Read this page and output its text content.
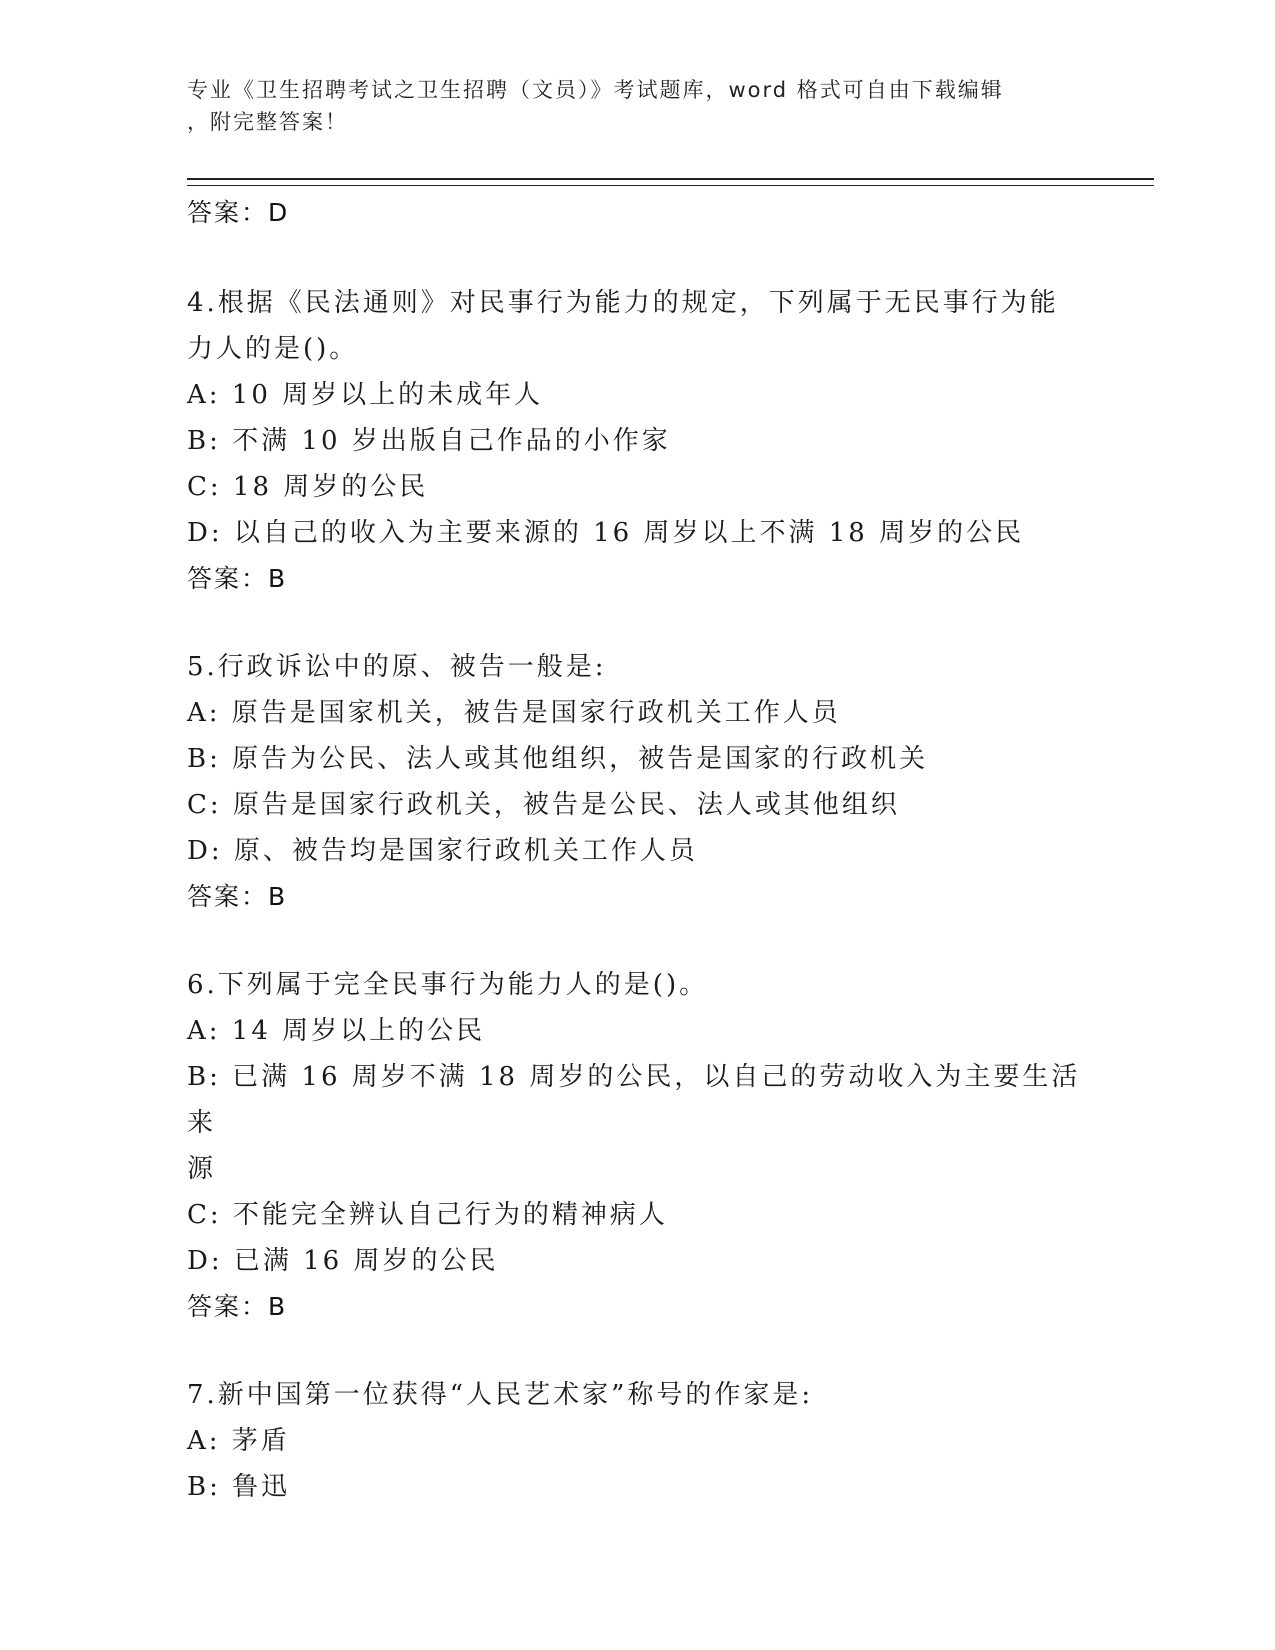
专业《卫生招聘考试之卫生招聘（文员）》考试题库，word 格式可自由下载编辑
，附完整答案！

答案：D

4.根据《民法通则》对民事行为能力的规定，下列属于无民事行为能

力人的是()。

A: 10 周岁以上的未成年人

B: 不满 10 岁出版自己作品的小作家

C: 18 周岁的公民

D: 以自己的收入为主要来源的 16 周岁以上不满 18 周岁的公民

答案：B

5.行政诉讼中的原、被告一般是:

A: 原告是国家机关，被告是国家行政机关工作人员

B: 原告为公民、法人或其他组织，被告是国家的行政机关

C: 原告是国家行政机关，被告是公民、法人或其他组织

D: 原、被告均是国家行政机关工作人员

答案：B

6.下列属于完全民事行为能力人的是()。

A: 14 周岁以上的公民

B: 已满 16 周岁不满 18 周岁的公民，以自己的劳动收入为主要生活来

源

C: 不能完全辨认自己行为的精神病人

D: 已满 16 周岁的公民

答案：B

7.新中国第一位获得“人民艺术家”称号的作家是:

A: 茅盾

B: 鲁迅
